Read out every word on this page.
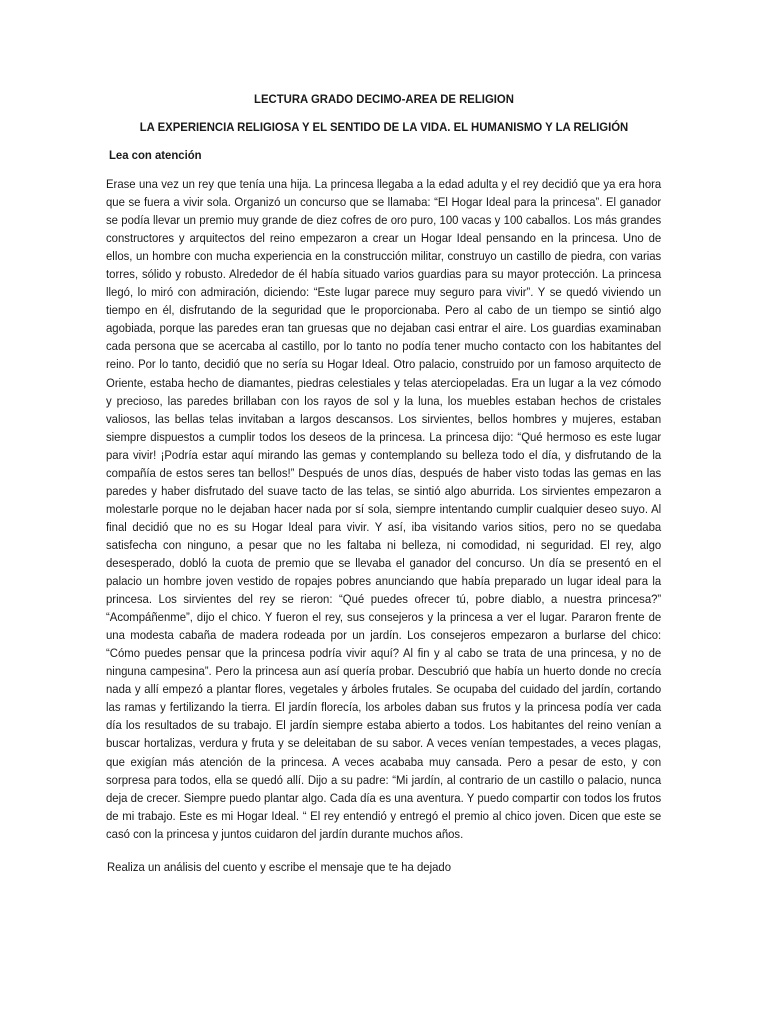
LECTURA GRADO DECIMO-AREA DE RELIGION
LA EXPERIENCIA RELIGIOSA Y EL SENTIDO DE LA VIDA. EL HUMANISMO Y LA RELIGIÓN
Lea con atención

Erase una vez un rey que tenía una hija. La princesa llegaba a la edad adulta y el rey decidió que ya era hora que se fuera a vivir sola. Organizó un concurso que se llamaba: “El Hogar Ideal para la princesa”. El ganador se podía llevar un premio muy grande de diez cofres de oro puro, 100 vacas y 100 caballos. Los más grandes constructores y arquitectos del reino empezaron a crear un Hogar Ideal pensando en la princesa. Uno de ellos, un hombre con mucha experiencia en la construcción militar, construyo un castillo de piedra, con varias torres, sólido y robusto. Alrededor de él había situado varios guardias para su mayor protección. La princesa llegó, lo miró con admiración, diciendo: “Este lugar parece muy seguro para vivir”. Y se quedó viviendo un tiempo en él, disfrutando de la seguridad que le proporcionaba. Pero al cabo de un tiempo se sintió algo agobiada, porque las paredes eran tan gruesas que no dejaban casi entrar el aire. Los guardias examinaban cada persona que se acercaba al castillo, por lo tanto no podía tener mucho contacto con los habitantes del reino. Por lo tanto, decidió que no sería su Hogar Ideal. Otro palacio, construido por un famoso arquitecto de Oriente, estaba hecho de diamantes, piedras celestiales y telas aterciopeladas. Era un lugar a la vez cómodo y precioso, las paredes brillaban con los rayos de sol y la luna, los muebles estaban hechos de cristales valiosos, las bellas telas invitaban a largos descansos. Los sirvientes, bellos hombres y mujeres, estaban siempre dispuestos a cumplir todos los deseos de la princesa. La princesa dijo: “Qué hermoso es este lugar para vivir! ¡Podría estar aquí mirando las gemas y contemplando su belleza todo el día, y disfrutando de la compañía de estos seres tan bellos!” Después de unos días, después de haber visto todas las gemas en las paredes y haber disfrutado del suave tacto de las telas, se sintió algo aburrida. Los sirvientes empezaron a molestarle porque no le dejaban hacer nada por sí sola, siempre intentando cumplir cualquier deseo suyo. Al final decidió que no es su Hogar Ideal para vivir. Y así, iba visitando varios sitios, pero no se quedaba satisfecha con ninguno, a pesar que no les faltaba ni belleza, ni comodidad, ni seguridad. El rey, algo desesperado, dobló la cuota de premio que se llevaba el ganador del concurso. Un día se presentó en el palacio un hombre joven vestido de ropajes pobres anunciando que había preparado un lugar ideal para la princesa. Los sirvientes del rey se rieron: “Qué puedes ofrecer tú, pobre diablo, a nuestra princesa?” “Acompáñenme”, dijo el chico. Y fueron el rey, sus consejeros y la princesa a ver el lugar. Pararon frente de una modesta cabaña de madera rodeada por un jardín. Los consejeros empezaron a burlarse del chico: “Cómo puedes pensar que la princesa podría vivir aquí? Al fin y al cabo se trata de una princesa, y no de ninguna campesina”. Pero la princesa aun así quería probar. Descubrió que había un huerto donde no crecía nada y allí empezó a plantar flores, vegetales y árboles frutales. Se ocupaba del cuidado del jardín, cortando las ramas y fertilizando la tierra. El jardín florecía, los arboles daban sus frutos y la princesa podía ver cada día los resultados de su trabajo. El jardín siempre estaba abierto a todos. Los habitantes del reino venían a buscar hortalizas, verdura y fruta y se deleitaban de su sabor. A veces venían tempestades, a veces plagas, que exigían más atención de la princesa. A veces acababa muy cansada. Pero a pesar de esto, y con sorpresa para todos, ella se quedó allí. Dijo a su padre: “Mi jardín, al contrario de un castillo o palacio, nunca deja de crecer. Siempre puedo plantar algo. Cada día es una aventura. Y puedo compartir con todos los frutos de mi trabajo. Este es mi Hogar Ideal. “ El rey entendió y entregó el premio al chico joven. Dicen que este se casó con la princesa y juntos cuidaron del jardín durante muchos años.

Realiza un análisis del cuento y escribe el mensaje que te ha dejado
